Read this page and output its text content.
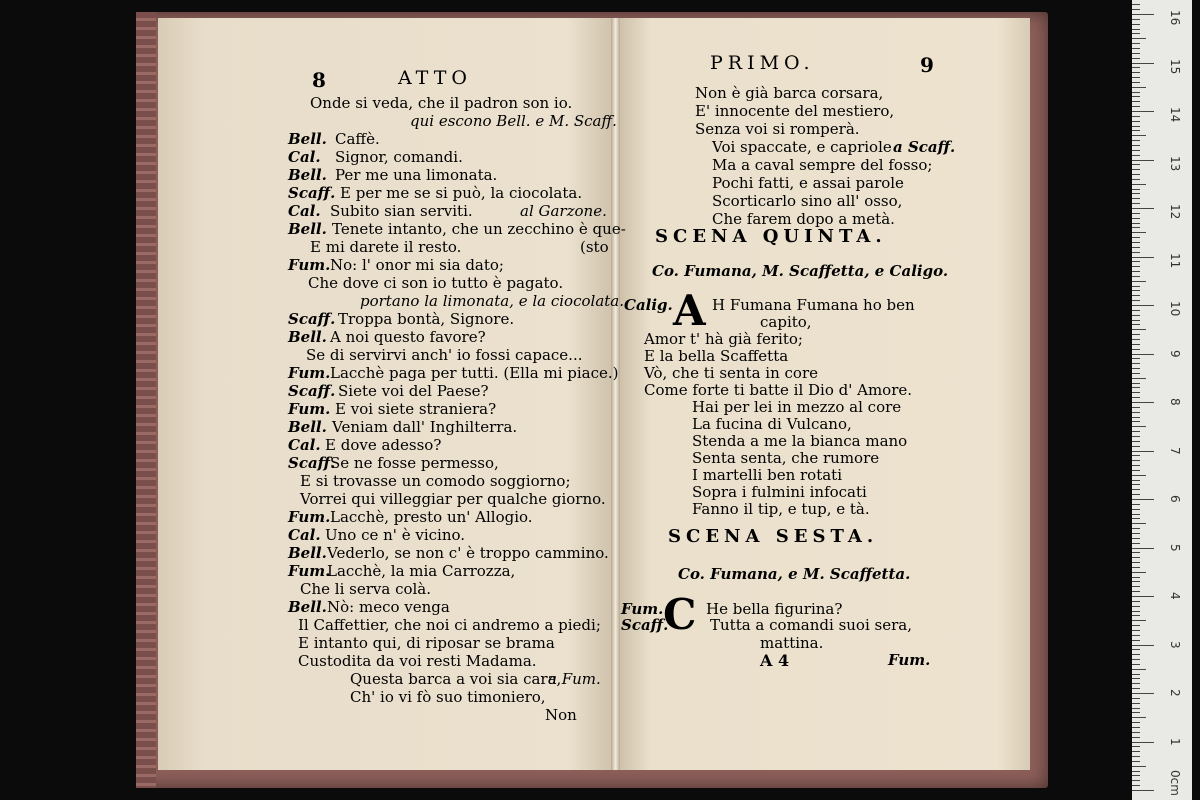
8	ATTO
Onde si veda, che il padron son io.
qui escono Bell. e M. Scaff.
Bell. Caffè.
Cal. Signor, comandi.
Bell. Per me una limonata.
Scaff. E per me se si può, la ciocolata.
Cal. Subito sian serviti.	al Garzone.
Bell. Tenete intanto, che un zecchino è que-
E mi darete il resto.	(sto
Fum. No: l' onor mi sia dato;
Che dove ci son io tutto è pagato.
portano la limonata, e la ciocolata.
Scaff. Troppa bontà, Signore.
Bell. A noi questo favore?
Se di servirvi anch' io fossi capace...
Fum. Lacchè paga per tutti. (Ella mi piace.)
Scaff. Siete voi del Paese?
Fum. E voi siete straniera?
Bell. Veniam dall' Inghilterra.
Cal. E dove adesso?
Scaff.
Se ne fosse permesso,
E si trovasse un comodo soggiorno;
Vorrei qui villeggiar per qualche giorno.
Fum. Lacchè, presto un' Allogio.
Cal. Uno ce n' è vicino.
Bell. Vederlo, se non c' è troppo cammino.
Fum.
Lacchè, la mia Carrozza,
Che li serva colà.
Bell. Nò: meco venga
Il Caffettier, che noi ci andremo a piedi;
E intanto qui, di riposar se brama
Custodita da voi resti Madama.
Questa barca a voi sia cara,
a Fum.
Ch' io vi fò suo timoniero,
Non
PRIMO.	9
Non è già barca corsara,
E' innocente del mestiero,
Senza voi si romperà.
Voi spaccate, e capriole a Scaff.
Ma a caval sempre del fosso;
Pochi fatti, e assai parole
Scorticarlo sino all' osso,
Che farem dopo a metà.
SCENA QUINTA.
Co. Fumana, M. Scaffetta, e Caligo.
Calig. A H Fumana Fumana ho ben
capito,
Amor t' hà già ferito;
E la bella Scaffetta
Vò, che ti senta in core
Come forte ti batte il Dio d' Amore.
Hai per lei in mezzo al core
La fucina di Vulcano,
Stenda a me la bianca mano
Senta senta, che rumore
I martelli ben rotati
Sopra i fulmini infocati
Fanno il tip, e tup, e tà.
SCENA SESTA.
Co. Fumana, e M. Scaffetta.
Fum.
Scaff.
C He bella figurina?
Tutta a comandi suoi sera,
mattina.
A 4	Fum.
1
2
3
4
5
6
7
8
9
10
11
12
13
14
15
16
0cm
